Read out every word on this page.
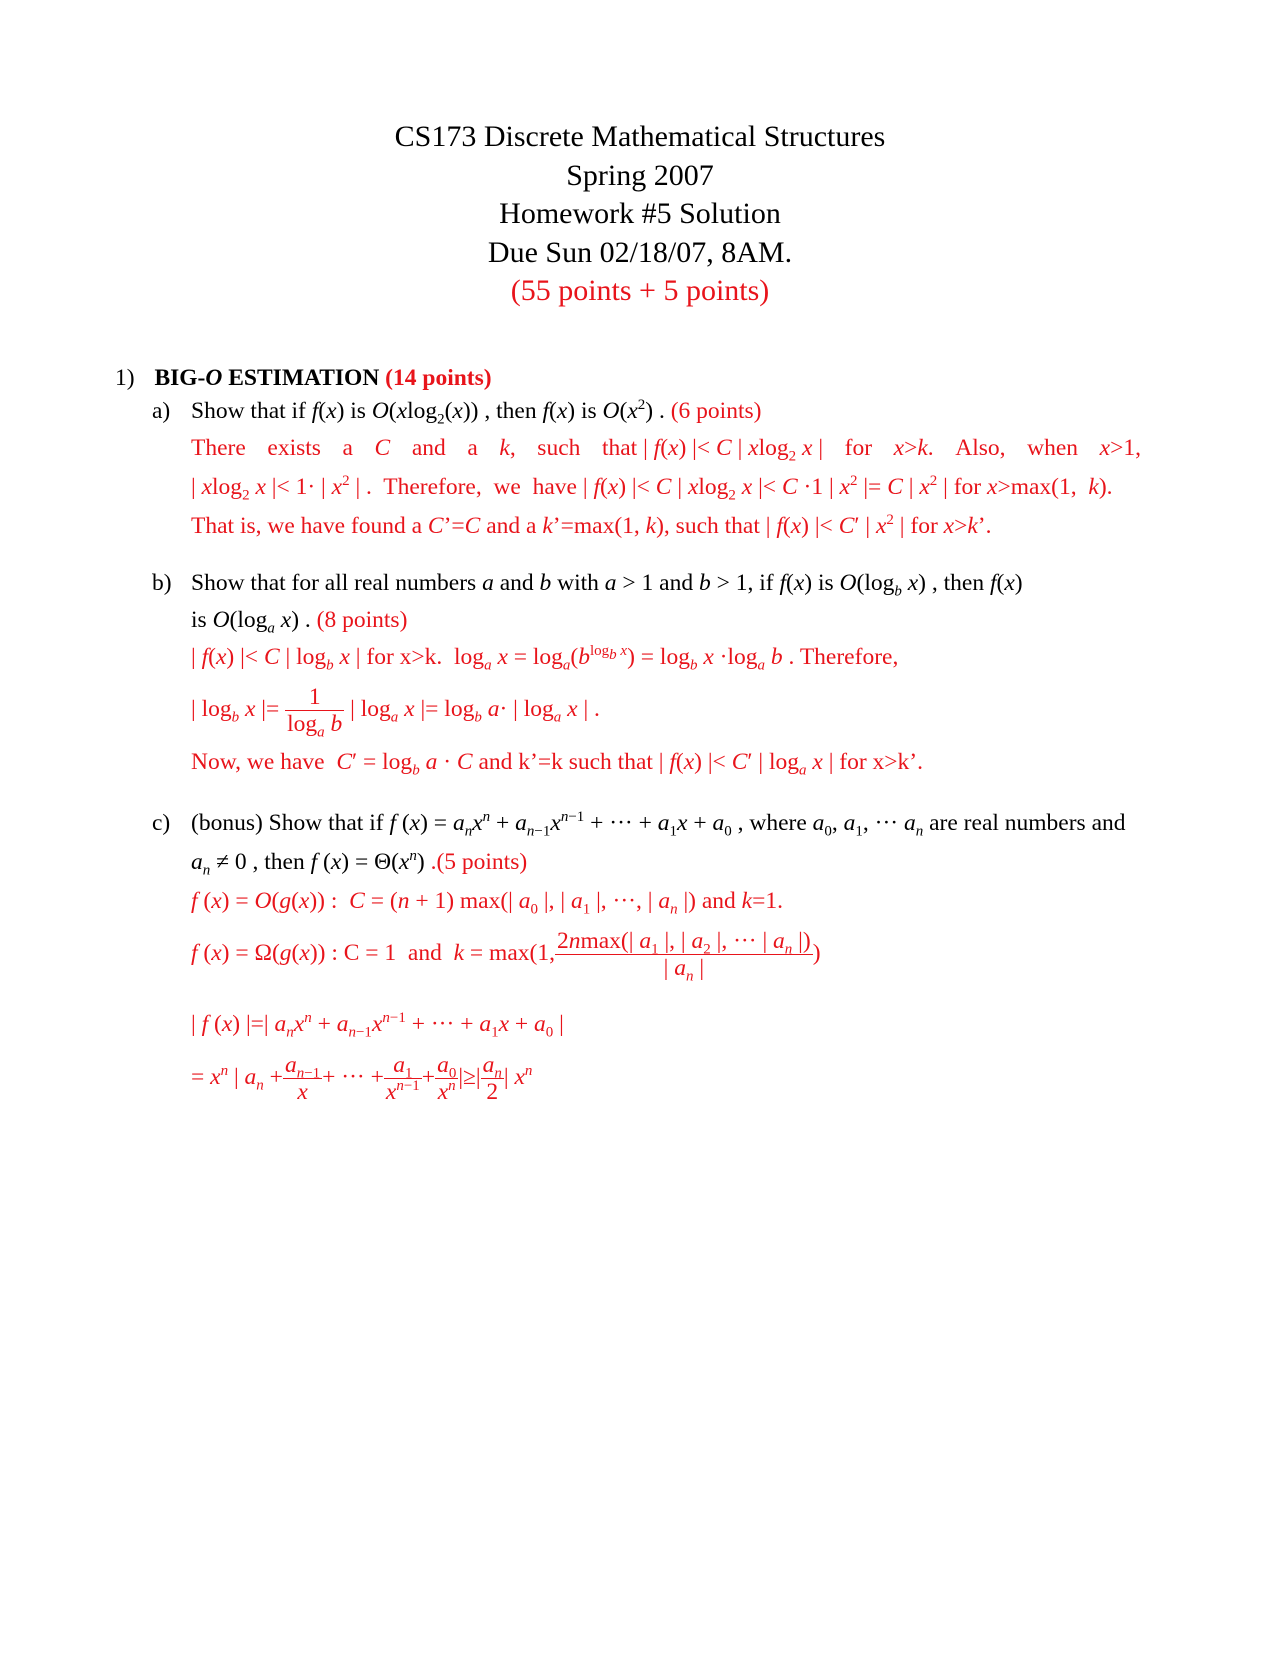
CS173 Discrete Mathematical Structures
Spring 2007
Homework #5 Solution
Due Sun 02/18/07, 8AM.
(55 points + 5 points)
1) BIG-O ESTIMATION (14 points)
a) Show that if f(x) is O(xlog$_2$(x)) , then f(x) is $O(x^2)$ . (6 points)
There exists a C and a k, such that | f(x) |< C | xlog$_2$ x | for x>k. Also, when x>1,
| xlog$_2$ x |< 1· | $x^2$ | .  Therefore,  we  have | f(x) |< C | xlog$_2$ x |< C ·1 | $x^2$ |= C | $x^2$ | for x>max(1,  k).
That is, we have found a C’=C and a k’=max(1, k), such that | f(x) |< C′ | $x^2$ | for x>k’.
b) Show that for all real numbers a and b with a > 1 and b > 1, if f(x) is $O(\log_b$ x) , then f(x)
is $O(\log_a$ x) . (8 points)
| f(x) |< C | $\log_b x$ | for x>k.  $\log_a x = \log_a(b^{log_b x}) = \log_b x \cdot\log_a$ b . Therefore,
| $\log_b x$ |= $\frac{1}{\log_a b}$ | $\log_a x$ |= $\log_b a\cdot$ | $\log_a x$ | .
Now, we have  $C' = \log_b a \cdot C$ and k’=k such that | f(x) |< C′ | $\log_a x$ | for x>k’.
c) (bonus) Show that if f $(x) = a_nx^n + a_{n-1}x^{n-1}$ + ··· + $a_1x + a_0$ , where $a_0$, $a_1$, ··· $a_n$ are real numbers and
$a_n \ne 0$ , then f $(x) = \Theta(x^n)$ .(5 points)
f (x) = O(g(x)) :  C = (n + 1) max(| $a_0$ |, | $a_1$ |, ···, | $a_n$ |) and k=1.
f (x) = Ω(g(x)) : C = 1  and  k = max(1, $\frac{2nmax(| a_1 |, | a_2 |, \cdot\cdot\cdot | a_n |)}{| a_n |}$ )
| f (x) |=| $a_nx^n + a_{n-1}x^{n-1}$ + ··· + $a_1x + a_0$ |
= $x^n$ | $a_n + \frac{a_{n-1}}{x}$ + ··· + $\frac{a_1}{x^{n-1}} + \frac{a_0}{x^n}$ |≥| $\frac{a_n}{2}$ | $x^n$
